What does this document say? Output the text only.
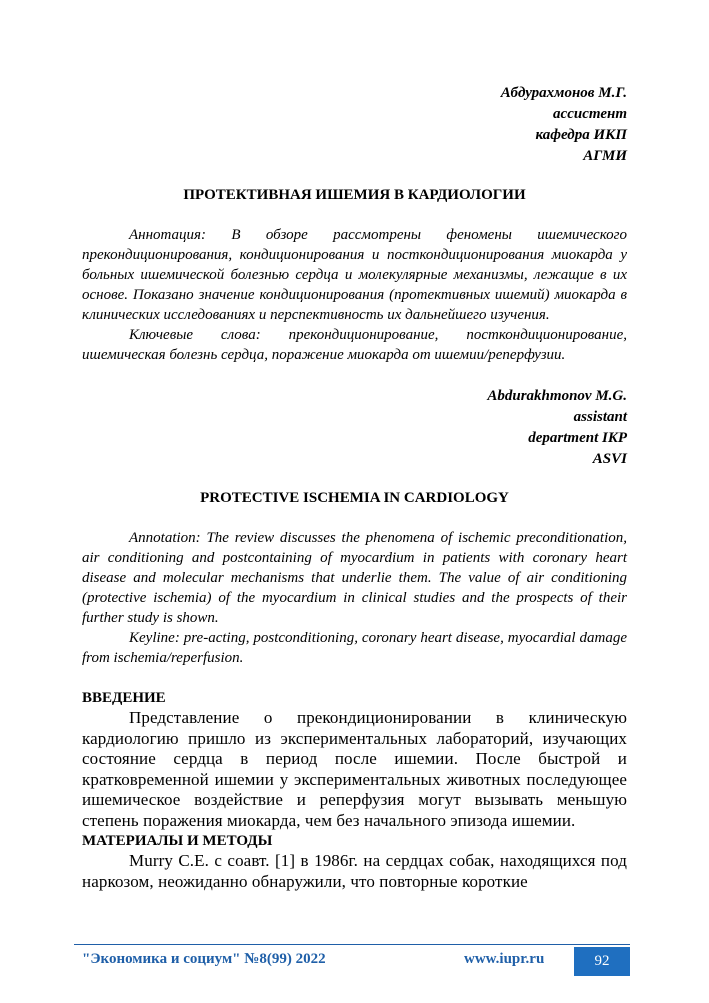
Абдурахмонов М.Г.
ассистент
кафедра ИКП
АГМИ

ПРОТЕКТИВНАЯ ИШЕМИЯ В КАРДИОЛОГИИ

Аннотация: В обзоре рассмотрены феномены ишемического прекондиционирования, кондиционирования и посткондиционирования миокарда у больных ишемической болезнью сердца и молекулярные механизмы, лежащие в их основе. Показано значение кондиционирования (протективных ишемий) миокарда в клинических исследованиях и перспективность их дальнейшего изучения.

Ключевые слова: прекондиционирование, посткондиционирование, ишемическая болезнь сердца, поражение миокарда от ишемии/реперфузии.

Abdurakhmonov M.G.
assistant
department IKP
ASVI

PROTECTIVE ISCHEMIA IN CARDIOLOGY

Annotation: The review discusses the phenomena of ischemic preconditionation, air conditioning and postcontaining of myocardium in patients with coronary heart disease and molecular mechanisms that underlie them. The value of air conditioning (protective ischemia) of the myocardium in clinical studies and the prospects of their further study is shown.

Keyline: pre-acting, postconditioning, coronary heart disease, myocardial damage from ischemia/reperfusion.

ВВЕДЕНИЕ

Представление о прекондиционировании в клиническую кардиологию пришло из экспериментальных лабораторий, изучающих состояние сердца в период после ишемии. После быстрой и кратковременной ишемии у экспериментальных животных последующее ишемическое воздействие и реперфузия могут вызывать меньшую степень поражения миокарда, чем без начального эпизода ишемии.

МАТЕРИАЛЫ И МЕТОДЫ

Murry С.Е. с соавт. [1] в 1986г. на сердцах собак, находящихся под наркозом, неожиданно обнаружили, что повторные короткие

"Экономика и социум" №8(99) 2022	www.iupr.ru	92
